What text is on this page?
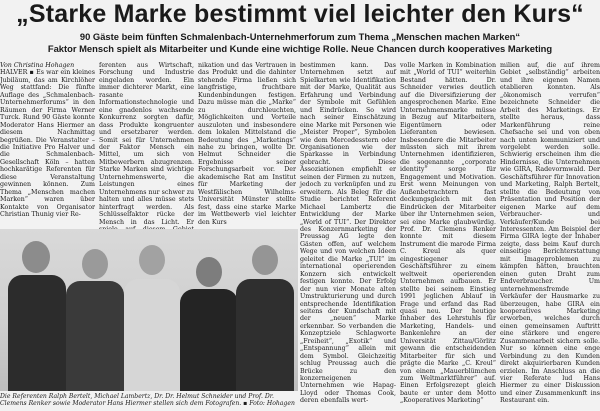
„Starke Marke bestimmt viel leichter den Kurs“
90 Gäste beim fünften Schmalenbach-Unternehmerforum zum Thema „Menschen machen Marken“
Faktor Mensch spielt als Mitarbeiter und Kunde eine wichtige Rolle. Neue Chancen durch kooperatives Marketing

Von Christina Hohagen

HALVER ▪ Es war ein kleines Jubiläum, das am Kirchlöher Weg stattfand: Die fünfte Auflage des „Schmalenbach-Unternehmerforums“ in den Räumen der Firma Werner Turck. Rund 90 Gäste konnte Moderator Hans Hiermer an diesem Nachmittag begrüßen. Die Veranstalter – die Initiative Pro Halver und die Schmalenbach-Gesellschaft Köln – hatten hochkarätige Referenten für diese Veranstaltung gewinnen können. Zum Thema „Menschen machen Marken“ waren über Kontakte von Organisator Christian Thunig vier Re-

ferenten aus Wirtschaft, Forschung und Industrie eingeladen worden. Ein immer dichterer Markt, eine rasante Informationstechnologie und eine gnadenlos wachsende Konkurrenz sorgten dafür, dass Produkte kongruenter und ersetzbarer werden. Somit sei für Unternehmen der Faktor Mensch ein Mittel, um sich von Mitbewerbern abzugrenzen. Starke Marken sind wichtige Unternehmenswerte, die Leistungen eines Unternehmens nur schwer zu halten und alles müsse stets hinterfragt werden. Als Schlüsselfaktor rücke der Mensch in das Licht. Er

nikation und das Vertrauen in das Produkt und die dahinter stehende Firma ließen sich langfristige, fruchtbare Kundenbindungen festigen. Dazu müsse man die „Marke“ zu durchleuchten, Möglichkeiten und Vorteile auszuloten und insbesondere dem lokalen Mittelstand die Bedeutung des „Marketings“ nahe zu bringen, wollte Dr. Helmut Schneider die Ergebnisse seiner Forschungsarbeit vor. Der akademische Rat am Institut für Marketing der Westfälischen Wilhelms-Universität Münster stellte fest, dass eine starke Marke im Wettbewerb viel leichter den Kurs

bestimmen kann. Das Unternehmen setzt auf Spielkarten wie Identifikation mit der Marke, Qualität aus Erfahrung und Verbindung der Symbole mit Gefühlen und Eindrücken. So wird nach seiner Einschätzung eine Marke mit Personen wie „Meister Proper“, Symbolen wie dem Mercedesstern oder Organisationen wie der Sparkasse in Verbindung gebracht. Diese Assoziationen empfiehlt er seinen der Firmen zu nutzen, jedoch zu verknüpfen und zu erweitern. Als Beleg für die Studie berichtet Referent Michael Lambertz die Entwicklung der Marke „World of TUI“. Der Direktor des Konzernmarketing der Preussag AG legte den Gästen offen, auf welchem Wege und von welchen Ideen geleitet die Marke „TUI“ im international operierenden Konzern sich entwickelt festigen konnte. Der Erfolg der nun vier Monate alten Umstrukturierung und durch entsprechende Identifikation seitens der Kundschaft mit der „neuen“ Marke erkennbar. So verbanden die Konzeptziele Schlagworte „Freiheit“, „Exotik“ und „Entspannung“ allein mit dem Symbol. Gleichzeitig schlug Preussag auch die Brücke zu den konzerneigenen Unternehmen wie Hapag-Lloyd oder Thomas Cook, deren ebenfalls wert-

volle Marken in Kombination mit „World of TUI“ weiterhin Bestand hätten. Dr. Schneider verwies deutlich auf die Diversifizierung der angesprochenen Marke. Eine Unternehmensmarke müsse in Bezug auf Mitarbeitern, Eigentümern oder Lieferanten bewiesen. Insbesondere die Mitarbeiter müssten sich mit ihrem Unternehmen identifizieren, die sogenannte „corporate identity“ sorge für Engagement und Motivation. Erst wenn Meinungen von Außenbetrachtern fast deckungsgleich mit den Eindrücken der Mitarbeiter über ihr Unternehmen seien, sei eine Marke glaubwürdig. Prof. Dr. Clemens Renker konnte mit diesem Instrument die marode Firma C. Kreul als quer eingestiegener Geschäftsführer zu einem weltweit operierenden Unternehmen aufbauen. Er stellte bei seinem Einstieg 1991 jeglichen Ablauf in Frage und erfand das Rad quasi neu. Der heutige Inhaber des Lehrstuhls für Marketing, Handels- und Bankenlehre an der Universität Zittau/Görlitz gewann die entscheidenden Mitarbeiter für sich und prägte die Marke „C. Kreul“ von einem „Mauerblümchen zum Weltmarktführer“ auf. Einen Erfolgsrezept gleich baute er unter dem Motto „Kooperatives Marketing“

milien auf, die auf ihrem Gebiet „selbständig“ arbeiten und ihre eigenen Namen etablieren konnten. Als „ökonomisch verrufen“ bezeichnete Schneider die Arbeit des Marketings. Er stellte heraus, dass Markenführung reine Chefsache sei und von oben nach unten kommuniziert und vorgelebt werden solle. Schwierig erscheinen ihm die Hindernisse, die Unternehmen wie GIRA, Radevormwald. Der Geschäftsführer für Innovation und Marketing, Ralph Bertelt, stellte die Bedeutung von Präsentation und Position der eigenen Marke auf dem Verbraucher- und Verkäufer/Kunde bei Interessenten. Am Beispiel der Firma GIRA legte der Inhaber zeigte, dass beim Kauf durch einseitige Berichterstattung mit Imageproblemen zu kämpfen hätten, brauchten einen guten Draht zum Endverbraucher. Um unternehmensfremde Verkäufer der Hausmarke zu überzeugen, habe GIRA ein kooperatives Marketing erworben, welches durch einen gemeinsamen Auftritt eine stärkere und engere Zusammenarbeit sichern solle. Nur so können eine enge Verbindung zu den Kunden direkt akquirierbaren Kunden erzielen. Im Anschluss an die vier Referate lud Hans Hiermer zu einer Diskussion und einer Zusammenkunft ins Restaurant ein.

Die Referenten Ralph Bertelt, Michael Lambertz, Dr. Dr. Helmut Schneider und Prof. Dr. Clemens Renker sowie Moderator Hans Hiermer stellen sich dem Fotografen. ▪ Foto: Hohagen
